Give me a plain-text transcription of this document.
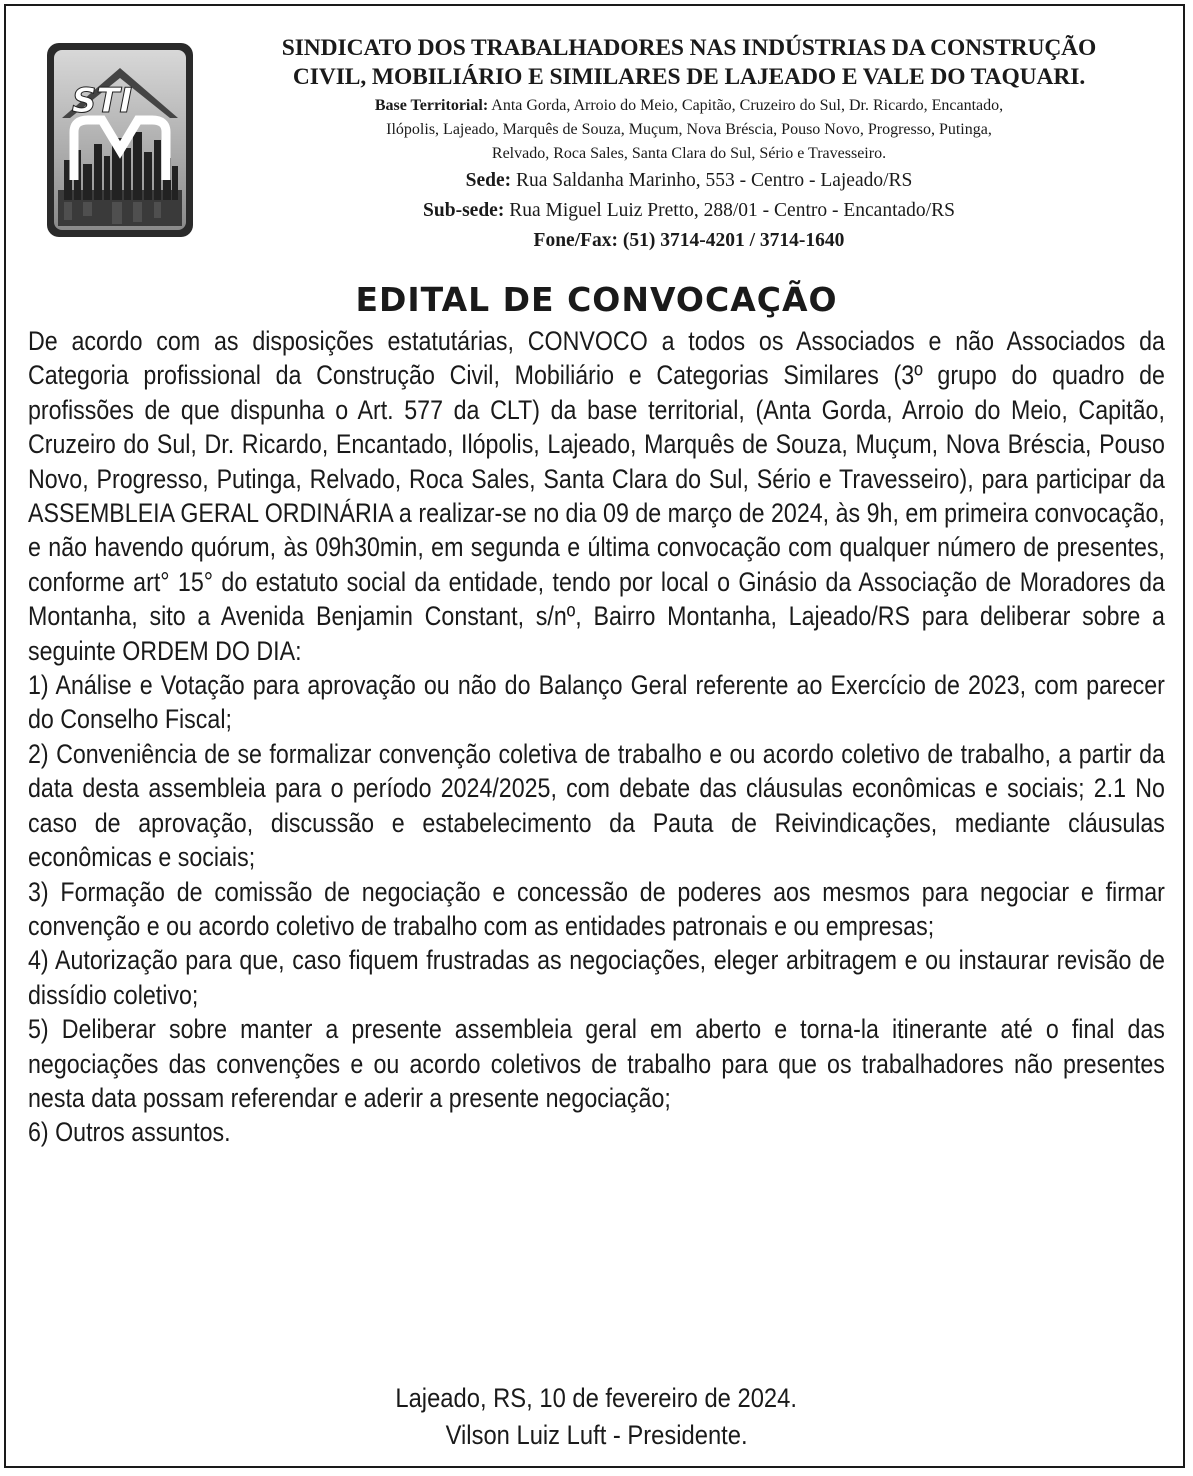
STI
SINDICATO DOS TRABALHADORES NAS INDÚSTRIAS DA CONSTRUÇÃO
CIVIL, MOBILIÁRIO E SIMILARES DE LAJEADO E VALE DO TAQUARI.
Base Territorial: Anta Gorda, Arroio do Meio, Capitão, Cruzeiro do Sul, Dr. Ricardo, Encantado,
Ilópolis, Lajeado, Marquês de Souza, Muçum, Nova Bréscia, Pouso Novo, Progresso, Putinga,
Relvado, Roca Sales, Santa Clara do Sul, Sério e Travesseiro.
Sede: Rua Saldanha Marinho, 553 - Centro - Lajeado/RS
Sub-sede: Rua Miguel Luiz Pretto, 288/01 - Centro - Encantado/RS
Fone/Fax: (51) 3714-4201 / 3714-1640
EDITAL DE CONVOCAÇÃO

De acordo com as disposições estatutárias, CONVOCO a todos os Associados e não Associados da Categoria profissional da Construção Civil, Mobiliário e Categorias Similares (3º grupo do quadro de profissões de que dispunha o Art. 577 da CLT) da base territorial, (Anta Gorda, Arroio do Meio, Capitão, Cruzeiro do Sul, Dr. Ricardo, Encantado, Ilópolis, Lajeado, Marquês de Souza, Muçum, Nova Bréscia, Pouso Novo, Progresso, Putinga, Relvado, Roca Sales, Santa Clara do Sul, Sério e Travesseiro), para participar da ASSEMBLEIA GERAL ORDINÁRIA a realizar-se no dia 09 de março de 2024, às 9h, em primeira convocação, e não havendo quórum, às 09h30min, em segunda e última convocação com qualquer número de presentes, conforme art° 15° do estatuto social da entidade, tendo por local o Ginásio da Associação de Moradores da Montanha, sito a Avenida Benjamin Constant, s/nº, Bairro Montanha, Lajeado/RS para deliberar sobre a seguinte ORDEM DO DIA:

1) Análise e Votação para aprovação ou não do Balanço Geral referente ao Exercício de 2023, com parecer do Conselho Fiscal;

2) Conveniência de se formalizar convenção coletiva de trabalho e ou acordo coletivo de trabalho, a partir da data desta assembleia para o período 2024/2025, com debate das cláusulas econômicas e sociais; 2.1 No caso de aprovação, discussão e estabelecimento da Pauta de Reivindicações, mediante cláusulas econômicas e sociais;

3) Formação de comissão de negociação e concessão de poderes aos mesmos para negociar e firmar convenção e ou acordo coletivo de trabalho com as entidades patronais e ou empresas;

4) Autorização para que, caso fiquem frustradas as negociações, eleger arbitragem e ou instaurar revisão de dissídio coletivo;

5) Deliberar sobre manter a presente assembleia geral em aberto e torna-la itinerante até o final das negociações das convenções e ou acordo coletivos de trabalho para que os trabalhadores não presentes nesta data possam referendar e aderir a presente negociação;

6) Outros assuntos.

Lajeado, RS, 10 de fevereiro de 2024.
Vilson Luiz Luft - Presidente.
